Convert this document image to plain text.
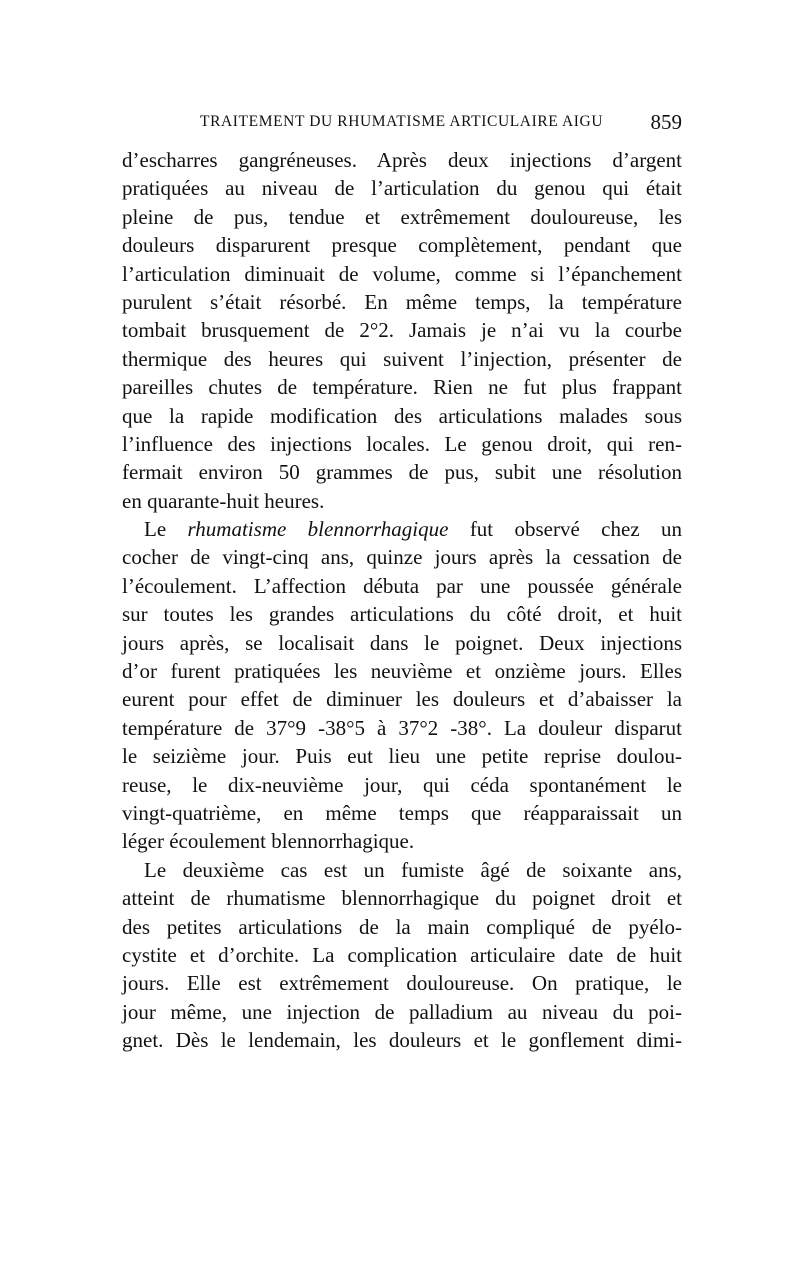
TRAITEMENT DU RHUMATISME ARTICULAIRE AIGU 859
d’escharres gangréneuses. Après deux injections d’argent
pratiquées au niveau de l’articulation du genou qui était
pleine de pus, tendue et extrêmement douloureuse, les
douleurs disparurent presque complètement, pendant que
l’articulation diminuait de volume, comme si l’épanchement
purulent s’était résorbé. En même temps, la température
tombait brusquement de 2°2. Jamais je n’ai vu la courbe
thermique des heures qui suivent l’injection, présenter de
pareilles chutes de température. Rien ne fut plus frappant
que la rapide modification des articulations malades sous
l’influence des injections locales. Le genou droit, qui ren-
fermait environ 50 grammes de pus, subit une résolution
en quarante-huit heures.
Le rhumatisme blennorrhagique fut observé chez un
cocher de vingt-cinq ans, quinze jours après la cessation de
l’écoulement. L’affection débuta par une poussée générale
sur toutes les grandes articulations du côté droit, et huit
jours après, se localisait dans le poignet. Deux injections
d’or furent pratiquées les neuvième et onzième jours. Elles
eurent pour effet de diminuer les douleurs et d’abaisser la
température de 37°9 -38°5 à 37°2 -38°. La douleur disparut
le seizième jour. Puis eut lieu une petite reprise doulou-
reuse, le dix-neuvième jour, qui céda spontanément le
vingt-quatrième, en même temps que réapparaissait un
léger écoulement blennorrhagique.
Le deuxième cas est un fumiste âgé de soixante ans,
atteint de rhumatisme blennorrhagique du poignet droit et
des petites articulations de la main compliqué de pyélo-
cystite et d’orchite. La complication articulaire date de huit
jours. Elle est extrêmement douloureuse. On pratique, le
jour même, une injection de palladium au niveau du poi-
gnet. Dès le lendemain, les douleurs et le gonflement dimi-
